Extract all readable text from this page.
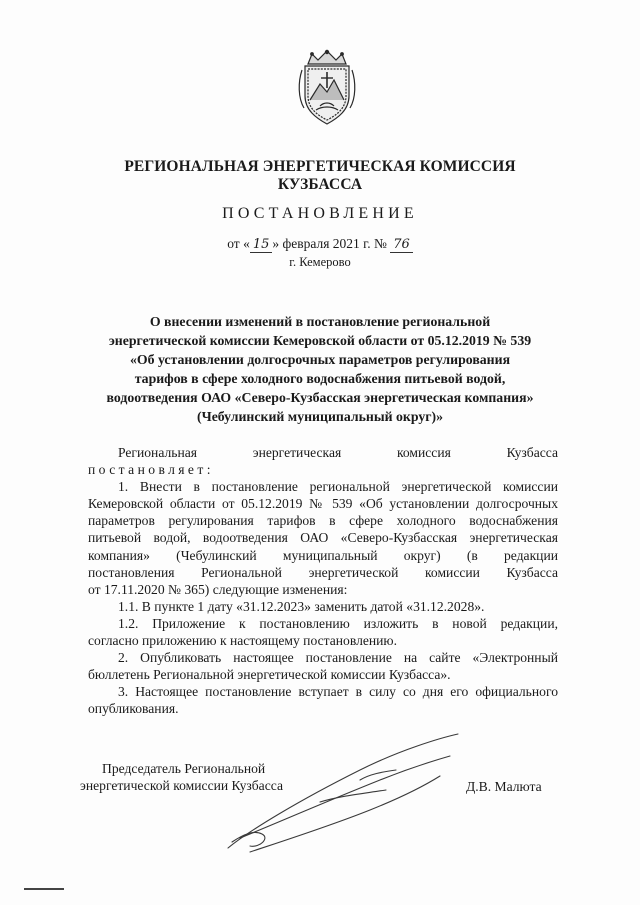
РЕГИОНАЛЬНАЯ ЭНЕРГЕТИЧЕСКАЯ КОМИССИЯ
КУЗБАССА
ПОСТАНОВЛЕНИЕ
от « 15 » февраля 2021 г. № 76
г. Кемерово
О внесении изменений в постановление региональной
энергетической комиссии Кемеровской области от 05.12.2019 № 539
«Об установлении долгосрочных параметров регулирования
тарифов в сфере холодного водоснабжения питьевой водой,
водоотведения ОАО «Северо-Кузбасская энергетическая компания»
(Чебулинский муниципальный округ)»
Региональная	энергетическая	комиссия	Кузбасса
постановляет:
1. Внести в постановление региональной энергетической комиссии
Кемеровской области от 05.12.2019 № 539 «Об установлении долгосрочных
параметров регулирования тарифов в сфере холодного водоснабжения
питьевой водой, водоотведения ОАО «Северо-Кузбасская энергетическая
компания» (Чебулинский муниципальный округ) (в редакции
постановления Региональной энергетической комиссии Кузбасса
от 17.11.2020 № 365) следующие изменения:
1.1. В пункте 1 дату «31.12.2023» заменить датой «31.12.2028».
1.2. Приложение к постановлению изложить в новой редакции,
согласно приложению к настоящему постановлению.
2. Опубликовать настоящее постановление на сайте «Электронный
бюллетень Региональной энергетической комиссии Кузбасса».
3. Настоящее постановление вступает в силу со дня его официального
опубликования.
Председатель Региональной
энергетической комиссии Кузбасса	Д.В. Малюта
